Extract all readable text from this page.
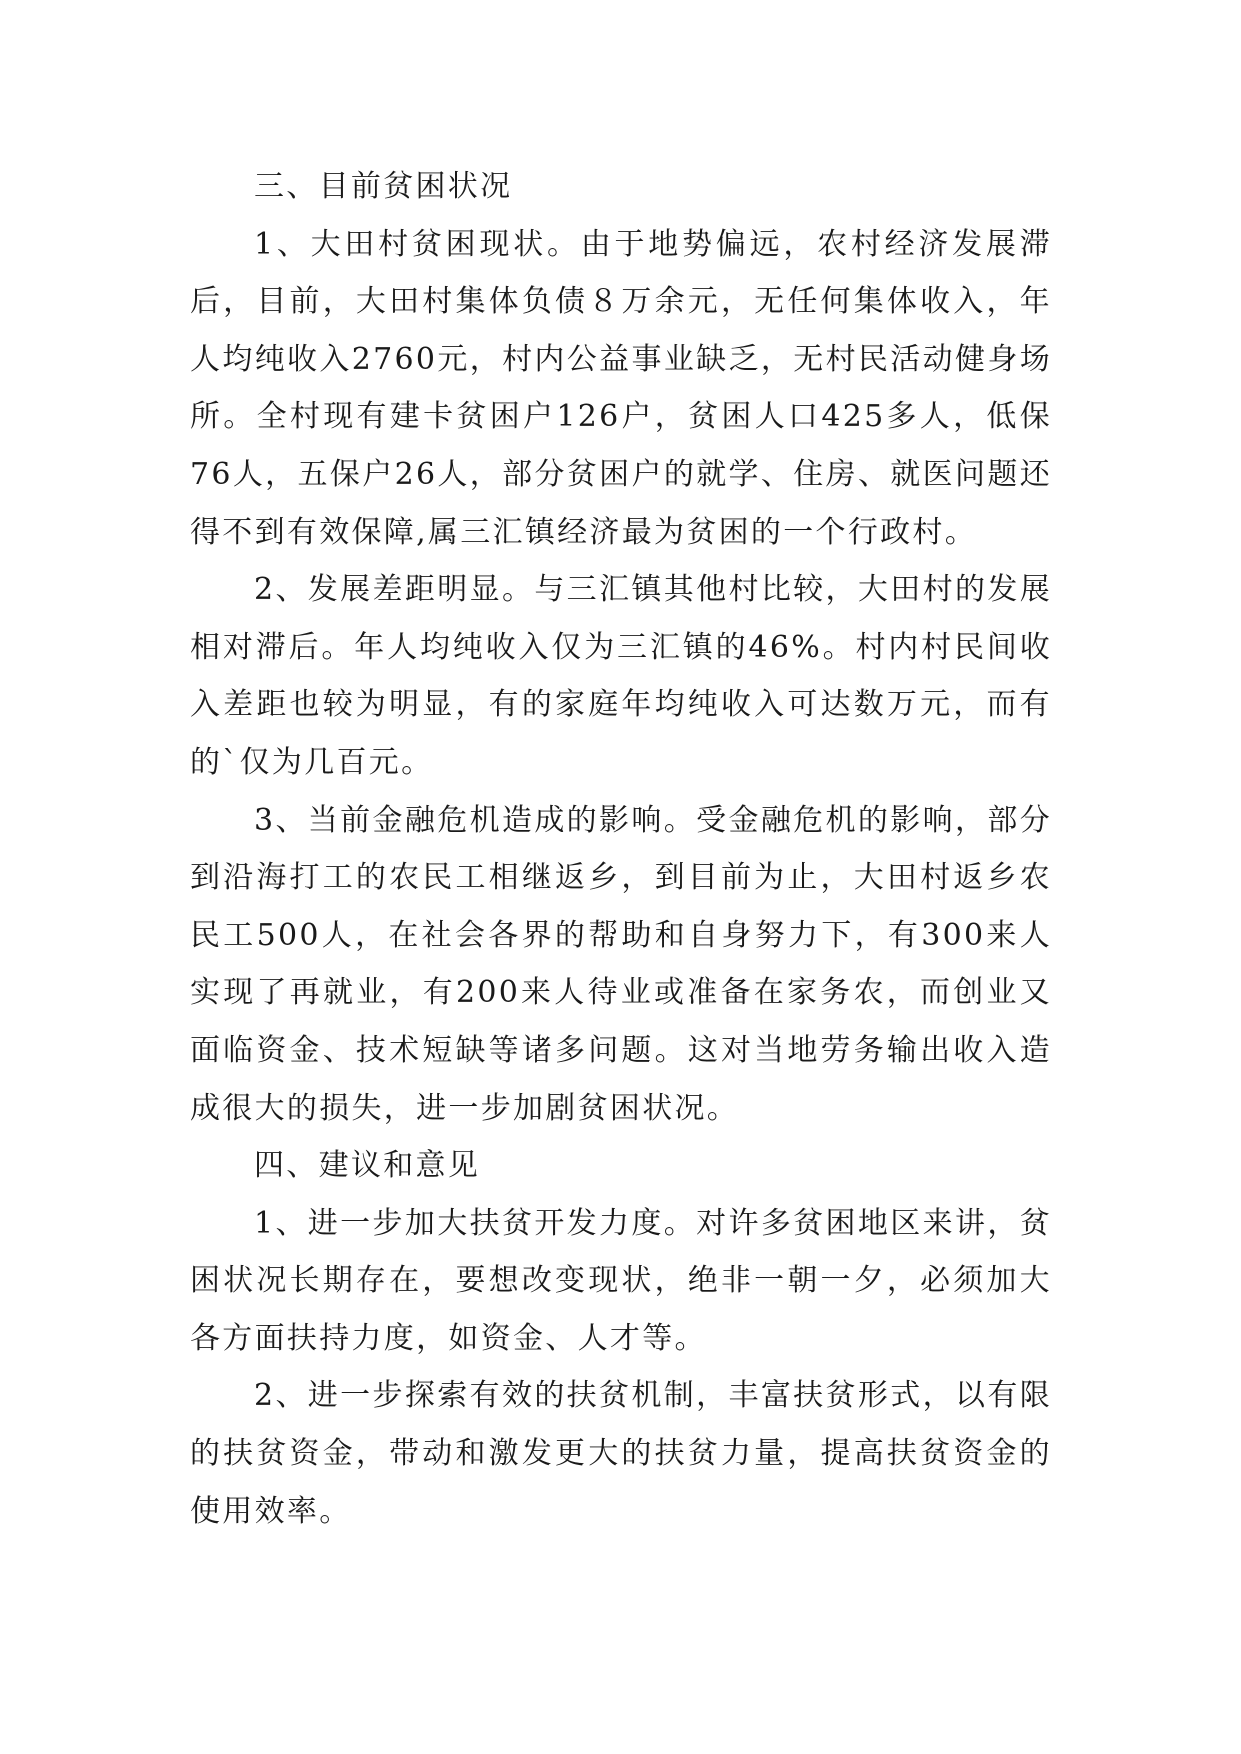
三、目前贫困状况

1、大田村贫困现状。由于地势偏远，农村经济发展滞后，目前，大田村集体负债８万余元，无任何集体收入，年人均纯收入2760元，村内公益事业缺乏，无村民活动健身场所。全村现有建卡贫困户126户，贫困人口425多人，低保76人，五保户26人，部分贫困户的就学、住房、就医问题还得不到有效保障,属三汇镇经济最为贫困的一个行政村。

2、发展差距明显。与三汇镇其他村比较，大田村的发展相对滞后。年人均纯收入仅为三汇镇的46%。村内村民间收入差距也较为明显，有的家庭年均纯收入可达数万元，而有的`仅为几百元。

3、当前金融危机造成的影响。受金融危机的影响，部分到沿海打工的农民工相继返乡，到目前为止，大田村返乡农民工500人，在社会各界的帮助和自身努力下，有300来人实现了再就业，有200来人待业或准备在家务农，而创业又面临资金、技术短缺等诸多问题。这对当地劳务输出收入造成很大的损失，进一步加剧贫困状况。

四、建议和意见

1、进一步加大扶贫开发力度。对许多贫困地区来讲，贫困状况长期存在，要想改变现状，绝非一朝一夕，必须加大各方面扶持力度，如资金、人才等。

2、进一步探索有效的扶贫机制，丰富扶贫形式，以有限的扶贫资金，带动和激发更大的扶贫力量，提高扶贫资金的使用效率。
